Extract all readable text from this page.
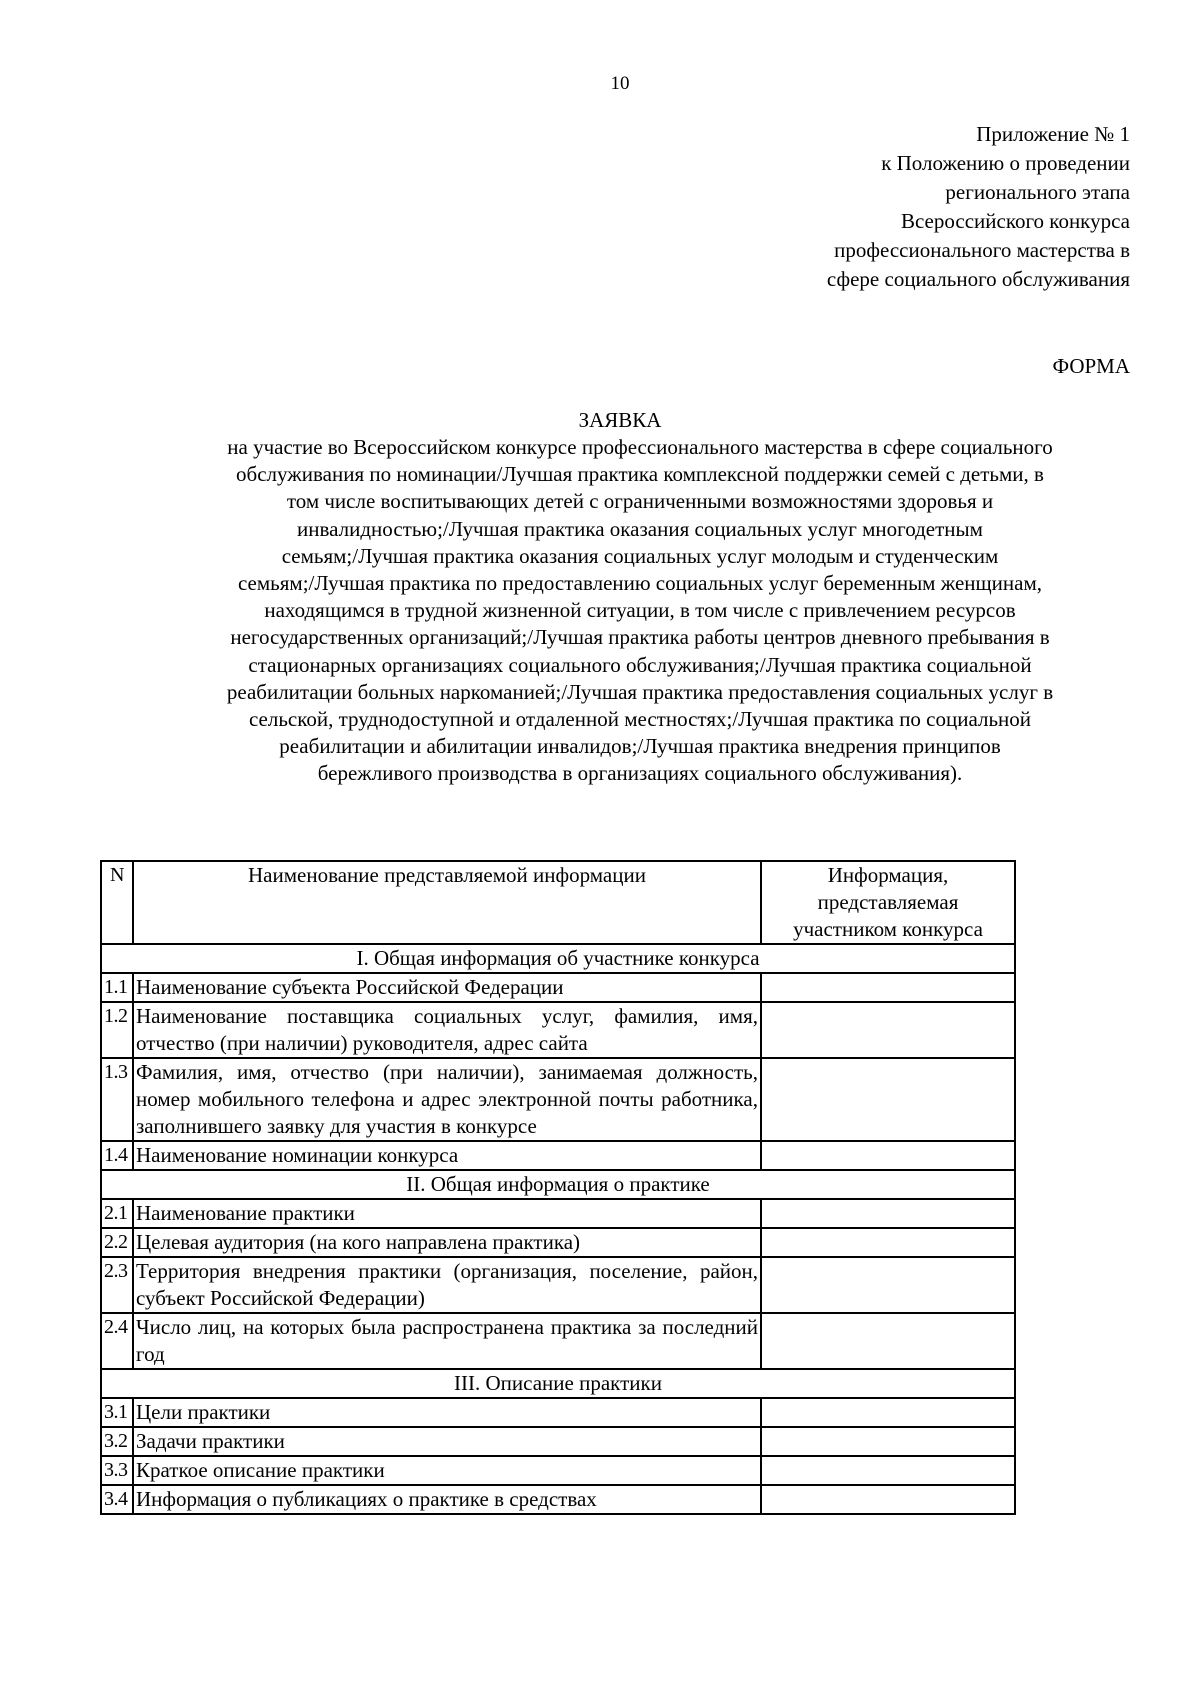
10
Приложение № 1
к Положению о проведении
регионального этапа
Всероссийского конкурса
профессионального мастерства в
сфере социального обслуживания
ФОРМА
ЗАЯВКА
на участие во Всероссийском конкурсе профессионального мастерства в сфере социального
обслуживания по номинации/Лучшая практика комплексной поддержки семей с детьми, в
том числе воспитывающих детей с ограниченными возможностями здоровья и
инвалидностью;/Лучшая практика оказания социальных услуг многодетным
семьям;/Лучшая практика оказания социальных услуг молодым и студенческим
семьям;/Лучшая практика по предоставлению социальных услуг беременным женщинам,
находящимся в трудной жизненной ситуации, в том числе с привлечением ресурсов
негосударственных организаций;/Лучшая практика работы центров дневного пребывания в
стационарных организациях социального обслуживания;/Лучшая практика социальной
реабилитации больных наркоманией;/Лучшая практика предоставления социальных услуг в
сельской, труднодоступной и отдаленной местностях;/Лучшая практика по социальной
реабилитации и абилитации инвалидов;/Лучшая практика внедрения принципов
бережливого производства в организациях социального обслуживания).
N	Наименование представляемой информации	Информация,
представляемая
участником конкурса

I. Общая информация об участнике конкурса		
1.1	Наименование субъекта Российской Федерации	
1.2	Наименование поставщика социальных услуг, фамилия, имя, отчество (при наличии) руководителя, адрес сайта	
1.3	Фамилия, имя, отчество (при наличии), занимаемая должность, номер мобильного телефона и адрес электронной почты работника, заполнившего заявку для участия в конкурсе	
1.4	Наименование номинации конкурса	
II. Общая информация о практике		
2.1	Наименование практики	
2.2	Целевая аудитория (на кого направлена практика)	
2.3	Территория внедрения практики (организация, поселение, район, субъект Российской Федерации)	
2.4	Число лиц, на которых была распространена практика за последний год	
III. Описание практики		
3.1	Цели практики	
3.2	Задачи практики	
3.3	Краткое описание практики	
3.4	Информация о публикациях о практике в средствах	
